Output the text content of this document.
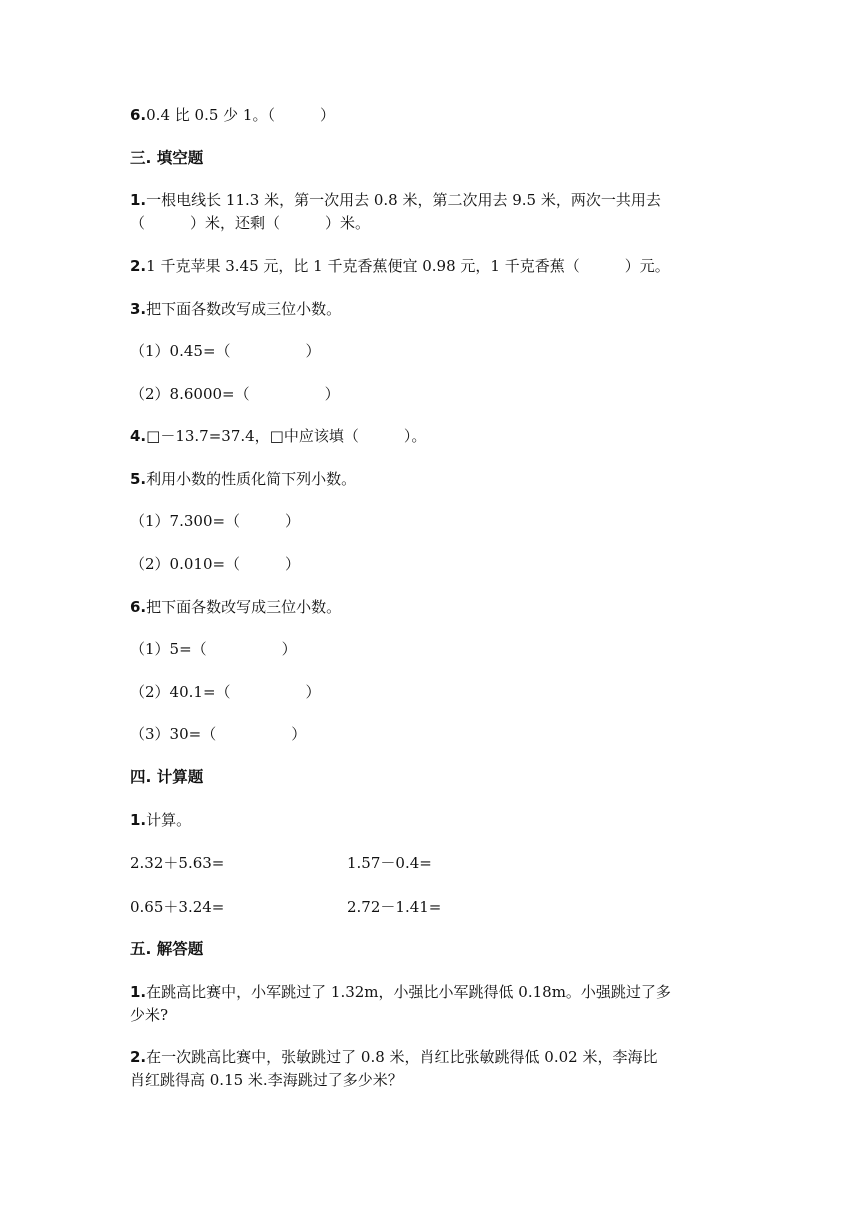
6.0.4 比 0.5 少 1。（　　　）
三. 填空题
1.一根电线长 11.3 米，第一次用去 0.8 米，第二次用去 9.5 米，两次一共用去
（　　　）米，还剩（　　　）米。
2.1 千克苹果 3.45 元，比 1 千克香蕉便宜 0.98 元，1 千克香蕉（　　　）元。
3.把下面各数改写成三位小数。
（1）0.45=（　　　　　）
（2）8.6000=（　　　　　）
4.□－13.7=37.4，□中应该填（　　　）。
5.利用小数的性质化简下列小数。
（1）7.300=（　　　）
（2）0.010=（　　　）
6.把下面各数改写成三位小数。
（1）5=（　　　　　）
（2）40.1=（　　　　　）
（3）30=（　　　　　）
四. 计算题
1.计算。
2.32＋5.63=	1.57－0.4=
0.65＋3.24=	2.72－1.41=
五. 解答题
1.在跳高比赛中，小军跳过了 1.32m，小强比小军跳得低 0.18m。小强跳过了多
少米?
2.在一次跳高比赛中，张敏跳过了 0.8 米，肖红比张敏跳得低 0.02 米，李海比
肖红跳得高 0.15 米.李海跳过了多少米？
